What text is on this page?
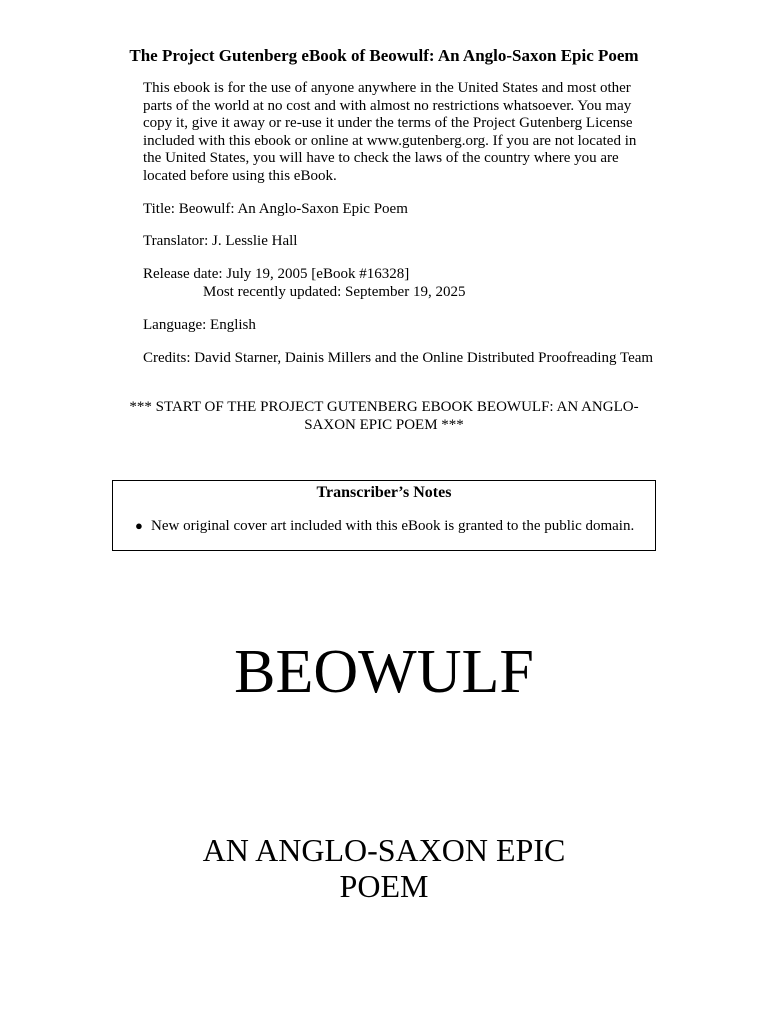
The Project Gutenberg eBook of Beowulf: An Anglo-Saxon Epic Poem

This ebook is for the use of anyone anywhere in the United States and most other parts of the world at no cost and with almost no restrictions whatsoever. You may copy it, give it away or re-use it under the terms of the Project Gutenberg License included with this ebook or online at www.gutenberg.org. If you are not located in the United States, you will have to check the laws of the country where you are located before using this eBook.

Title: Beowulf: An Anglo-Saxon Epic Poem

Translator: J. Lesslie Hall

Release date: July 19, 2005 [eBook #16328]

Most recently updated: September 19, 2025

Language: English

Credits: David Starner, Dainis Millers and the Online Distributed Proofreading Team

*** START OF THE PROJECT GUTENBERG EBOOK BEOWULF: AN ANGLO-SAXON EPIC POEM ***

Transcriber’s Notes

● New original cover art included with this eBook is granted to the public domain.
BEOWULF
AN ANGLO-SAXON EPIC POEM
